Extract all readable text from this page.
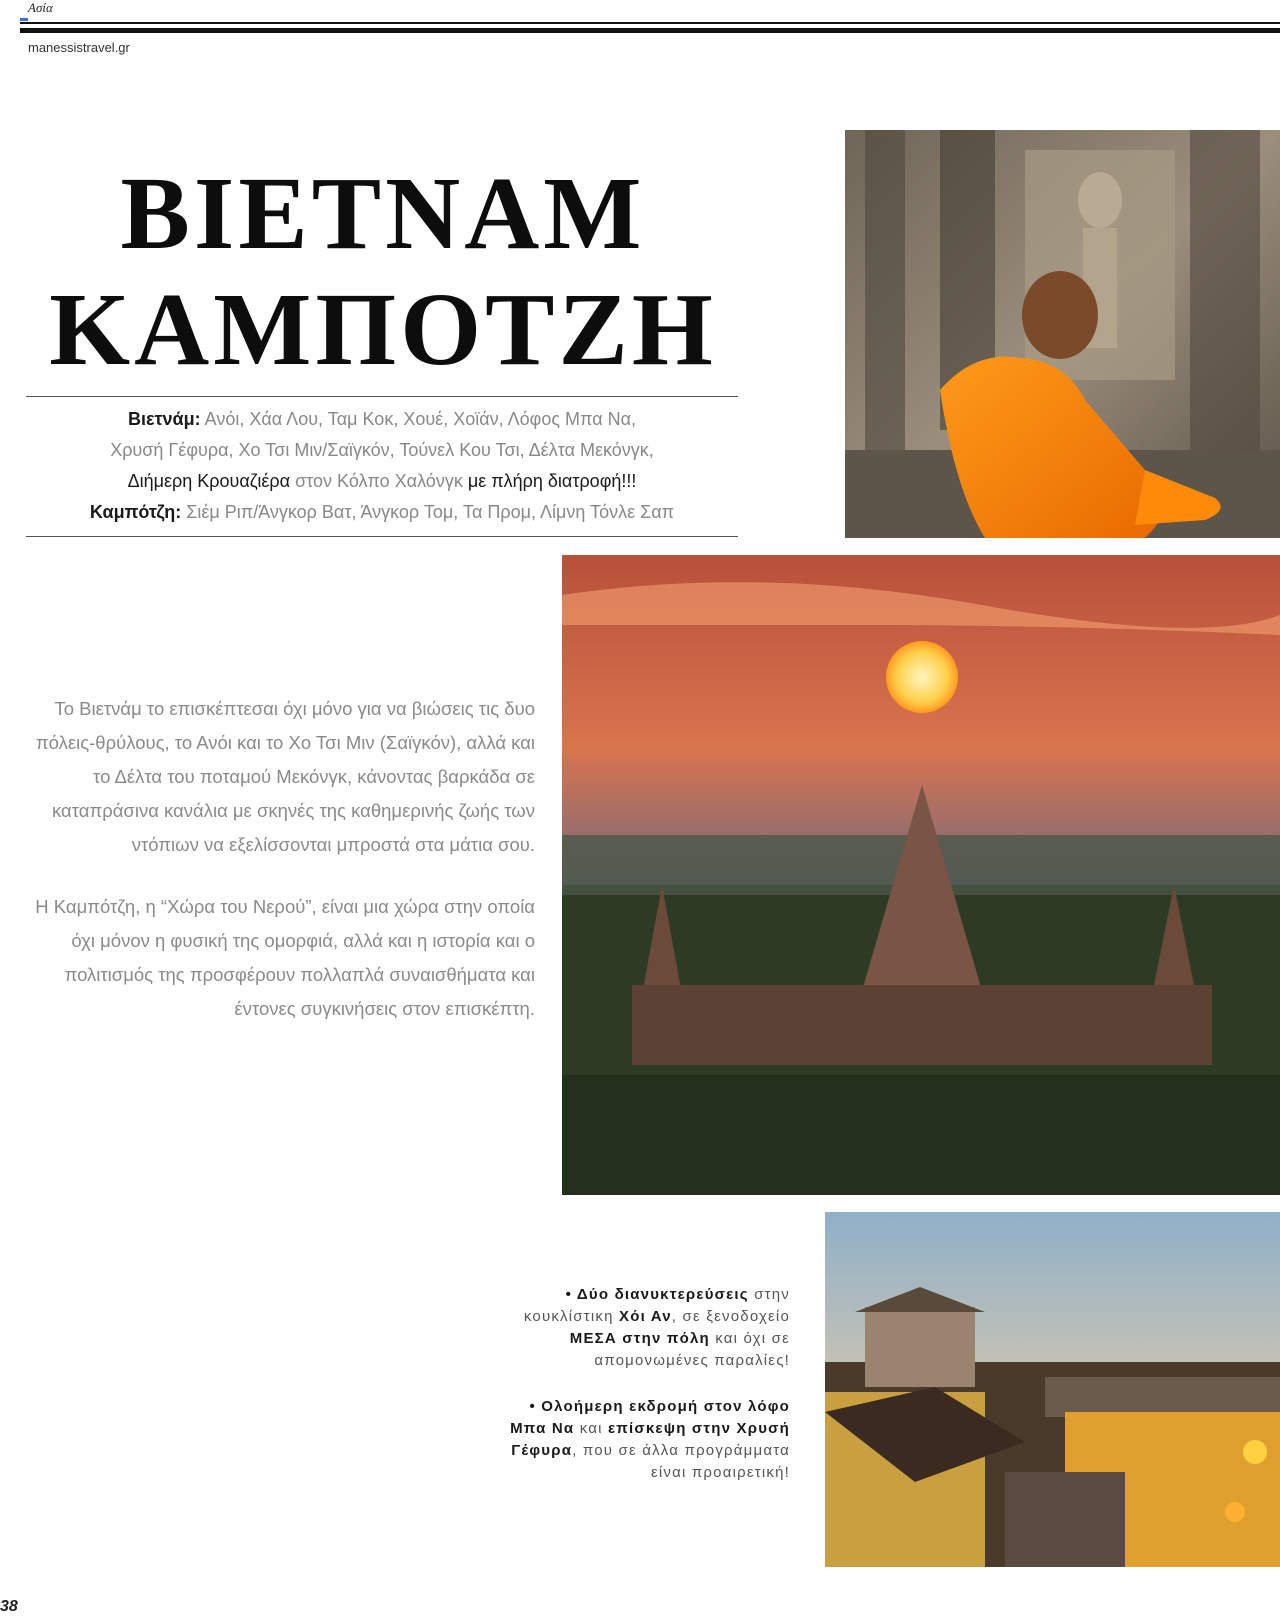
Ασία
manessistravel.gr
ΒΙΕΤΝΑΜ
ΚΑΜΠΟΤΖΗ

Βιετνάμ: Ανόι, Χάα Λου, Ταμ Κοκ, Χουέ, Χοϊάν, Λόφος Μπα Να,
Χρυσή Γέφυρα, Χο Τσι Μιν/Σαϊγκόν, Τούνελ Κου Τσι, Δέλτα Μεκόνγκ,
Διήμερη Κρουαζιέρα στον Κόλπο Χαλόνγκ με πλήρη διατροφή!!!
Καμπότζη: Σιέμ Ριπ/Άνγκορ Βατ, Άνγκορ Τομ, Τα Προμ, Λίμνη Τόνλε Σαπ

Το Βιετνάμ το επισκέπτεσαι όχι μόνο για να βιώσεις τις δυο πόλεις-θρύλους, το Ανόι και το Χο Τσι Μιν (Σαϊγκόν), αλλά και το Δέλτα του ποταμού Μεκόνγκ, κάνοντας βαρκάδα σε καταπράσινα κανάλια με σκηνές της καθημερινής ζωής των ντόπιων να εξελίσσονται μπροστά στα μάτια σου.

Η Καμπότζη, η “Χώρα του Νερού”, είναι μια χώρα στην οποία όχι μόνον η φυσική της ομορφιά, αλλά και η ιστορία και ο πολιτισμός της προσφέρουν πολλαπλά συναισθήματα και έντονες συγκινήσεις στον επισκέπτη.

• Δύο διανυκτερεύσεις στην κουκλίστικη Χόι Αν, σε ξενοδοχείο ΜΕΣΑ στην πόλη και όχι σε απομονωμένες παραλίες!

• Ολοήμερη εκδρομή στον λόφο Μπα Να και επίσκεψη στην Χρυσή Γέφυρα, που σε άλλα προγράμματα είναι προαιρετική!

38
